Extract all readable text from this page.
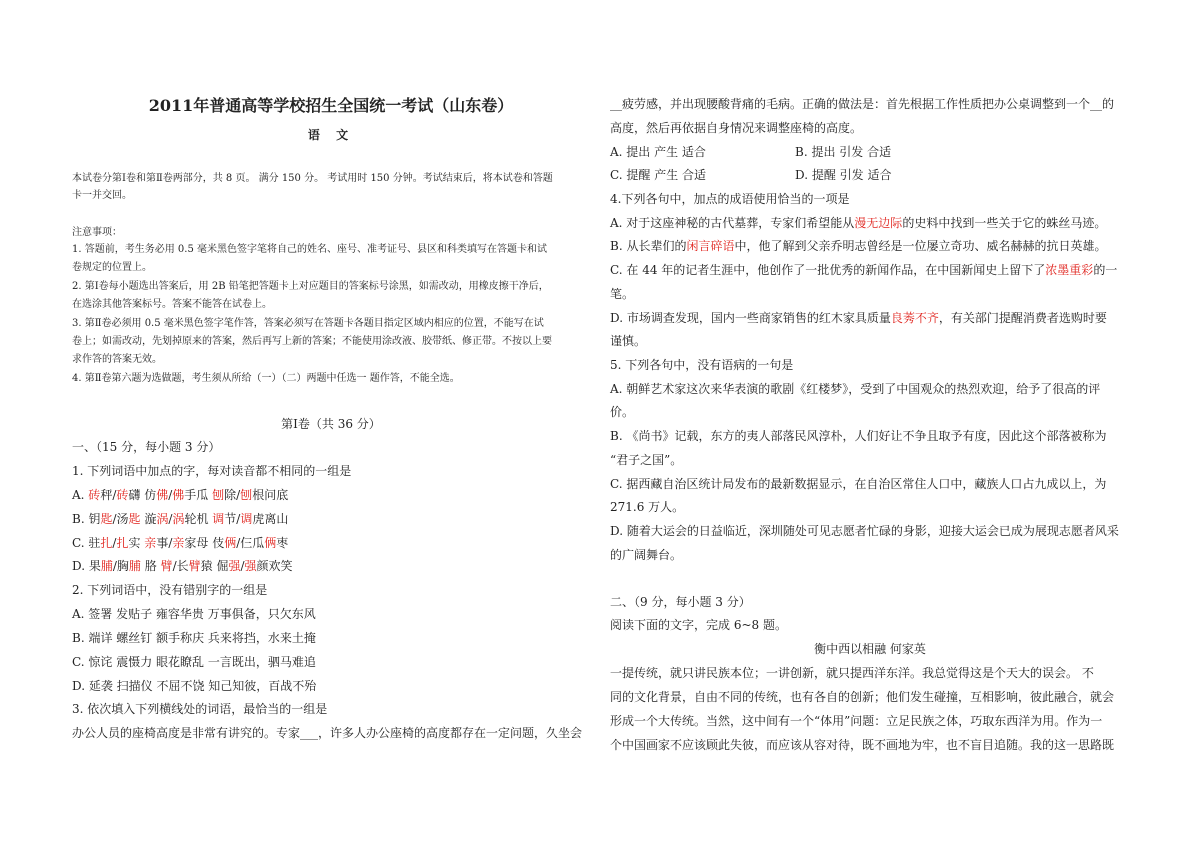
2011年普通高等学校招生全国统一考试（山东卷）
语 文
本试卷分第Ⅰ卷和第Ⅱ卷两部分，共 8 页。 满分 150 分。 考试用时 150 分钟。考试结束后，将本试卷和答题
卡一并交回。
注意事项：
1. 答题前，考生务必用 0.5 毫米黑色签字笔将自己的姓名、座号、准考证号、县区和科类填写在答题卡和试
卷规定的位置上。
2. 第Ⅰ卷每小题选出答案后，用 2B 铅笔把答题卡上对应题目的答案标号涂黑，如需改动，用橡皮擦干净后，
在选涂其他答案标号。答案不能答在试卷上。
3. 第Ⅱ卷必须用 0.5 毫米黑色签字笔作答，答案必须写在答题卡各题目指定区域内相应的位置，不能写在试
卷上；如需改动，先划掉原来的答案，然后再写上新的答案；不能使用涂改液、胶带纸、修正带。不按以上要
求作答的答案无效。
4. 第Ⅱ卷第六题为选做题，考生须从所给（一）（二）两题中任选一 题作答，不能全选。
第Ⅰ卷（共 36 分）
一、（15 分，每小题 3 分）
1. 下列词语中加点的字，每对读音都不相同的一组是
A. 砖秤/砖礴 仿佛/佛手瓜 刨除/刨根问底
B. 钥匙/汤匙 漩涡/涡轮机 调节/调虎离山
C. 驻扎/扎实 亲事/亲家母 伎俩/仨瓜俩枣
D. 果脯/胸脯 胳 臂/长臂猿 倔强/强颜欢笑
2. 下列词语中，没有错别字的一组是
A. 签署 发贴子 雍容华贵 万事俱备，只欠东风
B. 端详 螺丝钉 额手称庆 兵来将挡，水来土掩
C. 惊诧 震慑力 眼花瞭乱 一言既出，驷马难追
D. 延袭 扫描仪 不屈不饶 知己知彼，百战不殆
3. 依次填入下列横线处的词语，最恰当的一组是
办公人员的座椅高度是非常有讲究的。专家___，许多人办公座椅的高度都存在一定问题，久坐会
__疲劳感，并出现腰酸背痛的毛病。正确的做法是：首先根据工作性质把办公桌调整到一个__的
高度，然后再依据自身情况来调整座椅的高度。
A. 提出 产生 适合	B. 提出 引发 合适
C. 提醒 产生 合适	D. 提醒 引发 适合
4.下列各句中，加点的成语使用恰当的一项是
A. 对于这座神秘的古代墓葬，专家们希望能从漫无边际的史料中找到一些关于它的蛛丝马迹。
B. 从长辈们的闲言碎语中，他了解到父亲乔明志曾经是一位屡立奇功、威名赫赫的抗日英雄。
C. 在 44 年的记者生涯中，他创作了一批优秀的新闻作品，在中国新闻史上留下了浓墨重彩的一
笔。
D. 市场调查发现，国内一些商家销售的红木家具质量良莠不齐，有关部门提醒消费者选购时要
谨慎。
5. 下列各句中，没有语病的一句是
A. 朝鲜艺术家这次来华表演的歌剧《红楼梦》，受到了中国观众的热烈欢迎，给予了很高的评
价。
B. 《尚书》记载，东方的夷人部落民风淳朴，人们好让不争且取予有度，因此这个部落被称为
“君子之国”。
C. 据西藏自治区统计局发布的最新数据显示，在自治区常住人口中，藏族人口占九成以上，为
271.6 万人。
D. 随着大运会的日益临近，深圳随处可见志愿者忙碌的身影，迎接大运会已成为展现志愿者风采
的广阔舞台。
二、（9 分，每小题 3 分）
阅读下面的文字，完成 6~8 题。
衡中西以相融 何家英
一提传统，就只讲民族本位；一讲创新，就只提西洋东洋。我总觉得这是个天大的误会。 不
同的文化背景，自由不同的传统，也有各自的创新；他们发生碰撞，互相影响，彼此融合，就会
形成一个大传统。当然，这中间有一个“体用”问题：立足民族之体，巧取东西洋为用。作为一
个中国画家不应该顾此失彼，而应该从容对待，既不画地为牢，也不盲目追随。我的这一思路既
